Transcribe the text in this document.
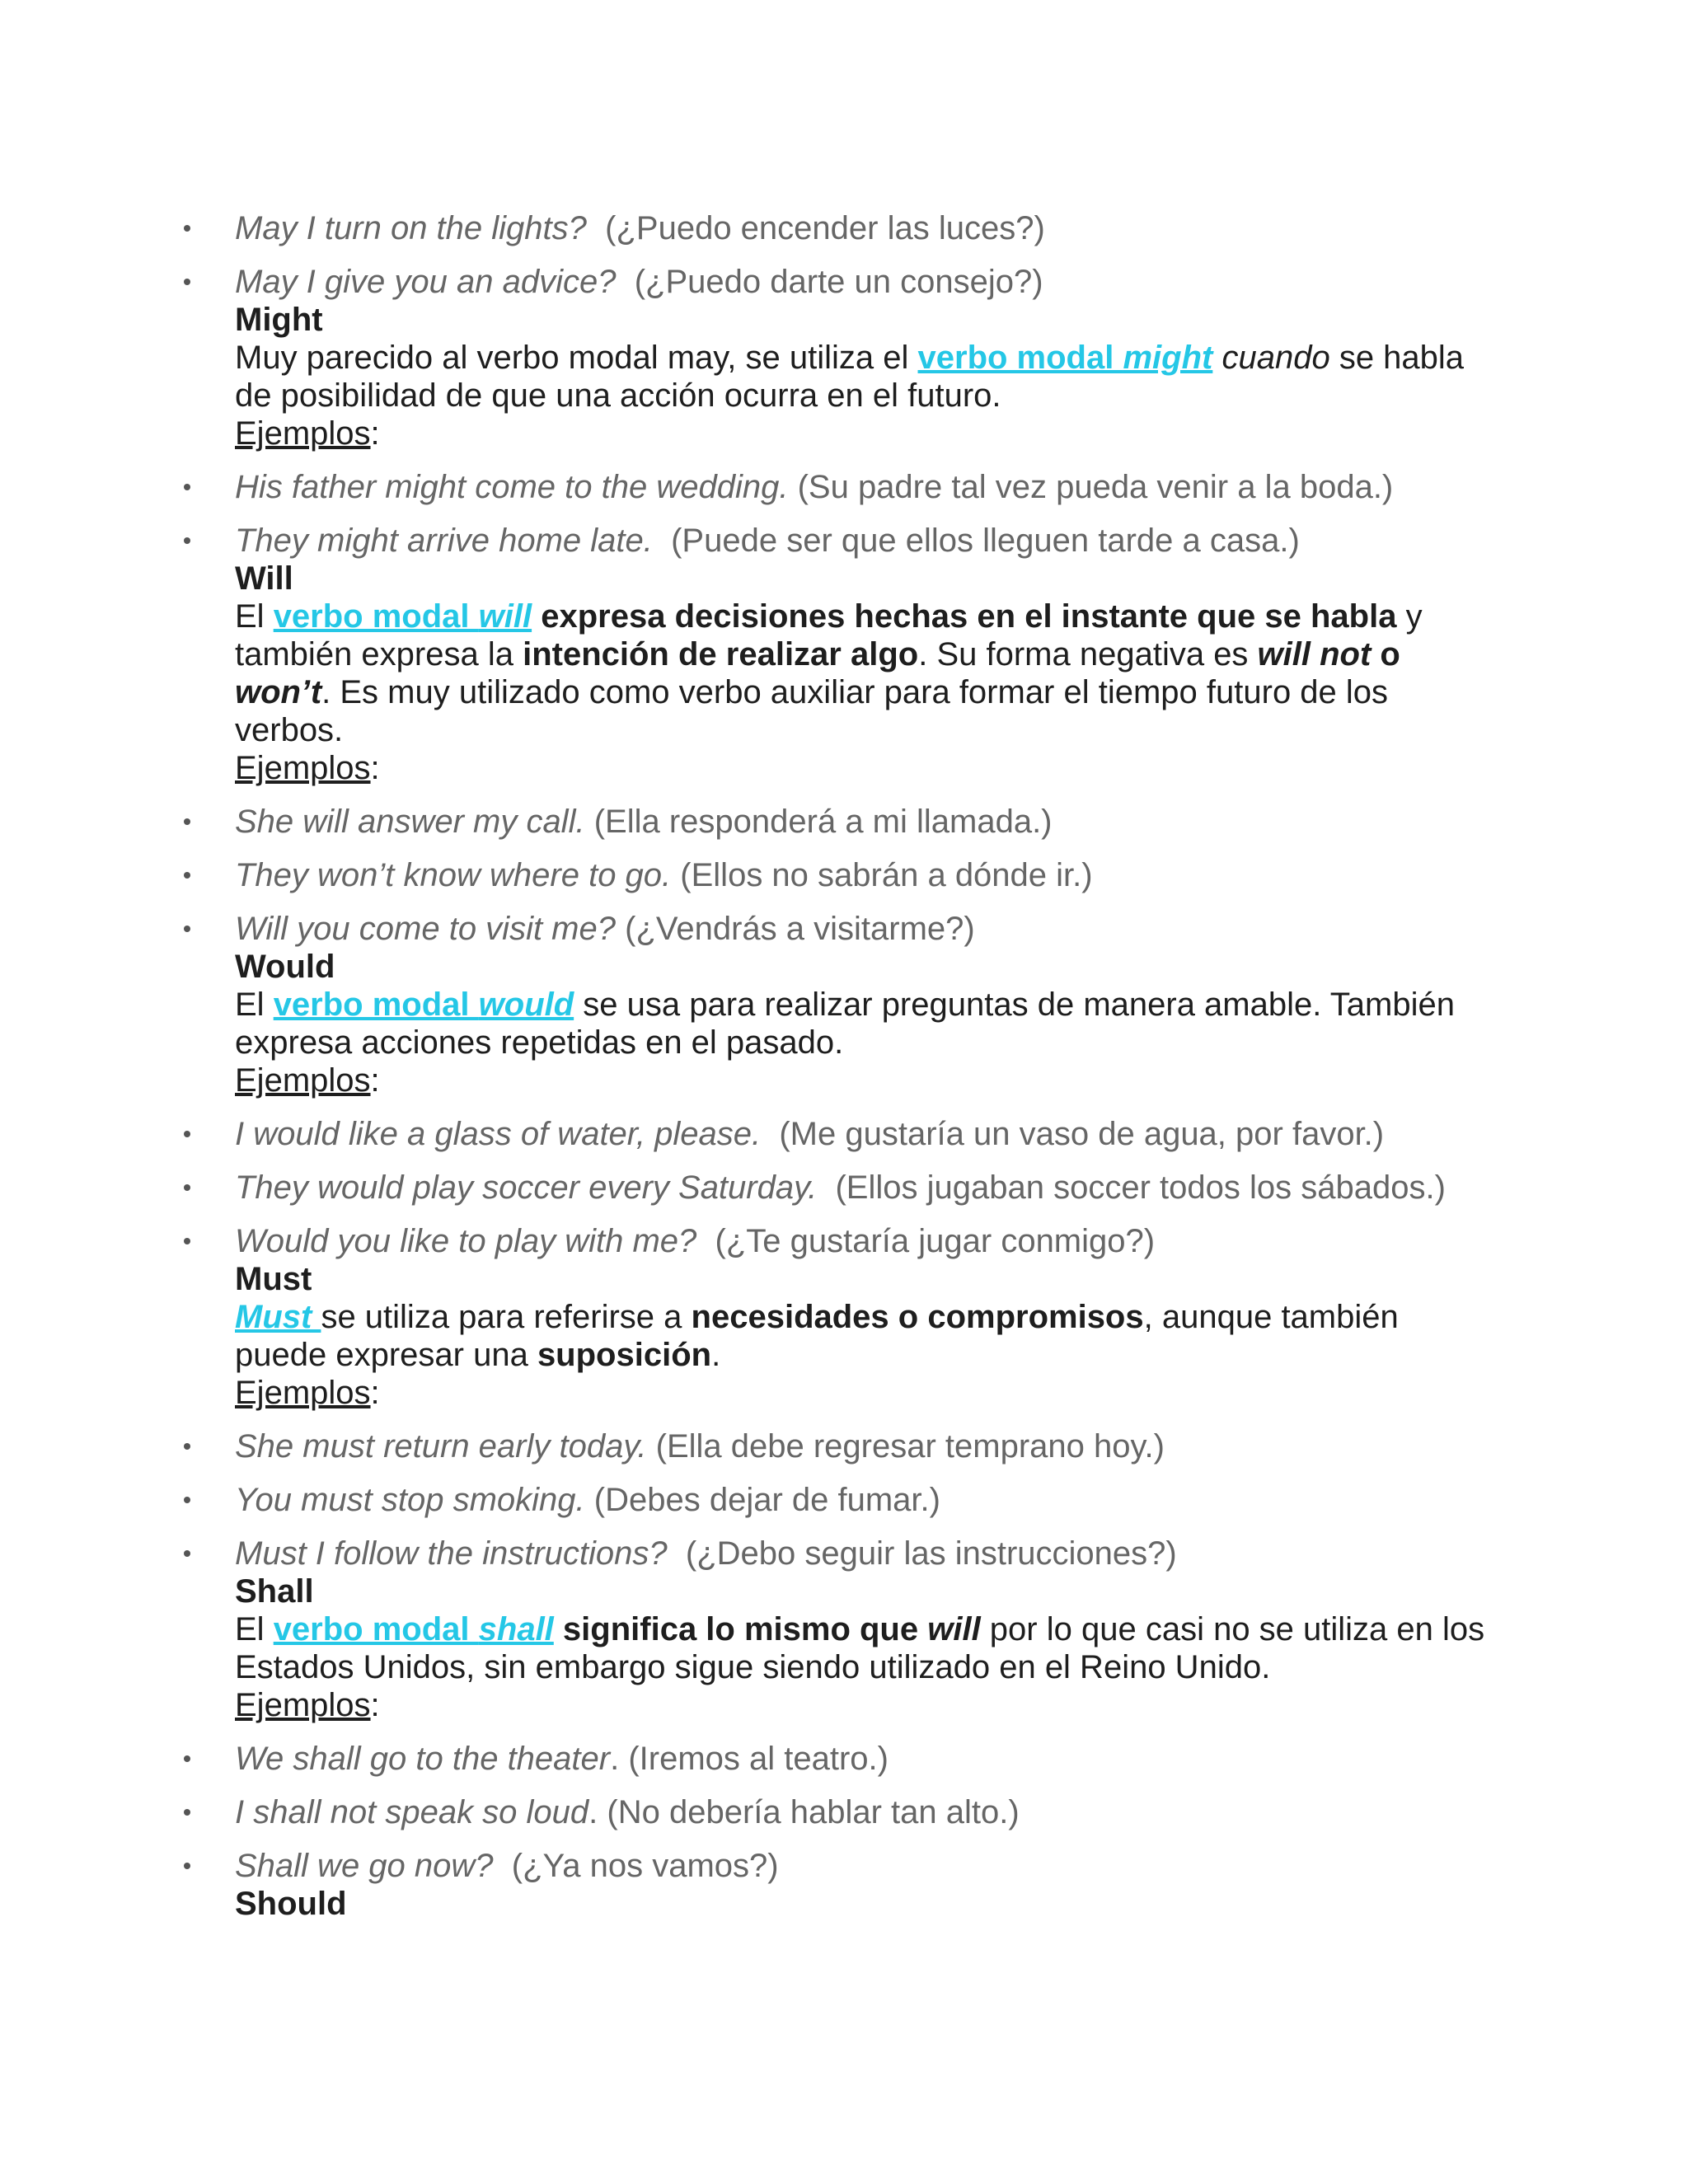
May I turn on the lights? (¿Puedo encender las luces?)
May I give you an advice? (¿Puedo darte un consejo?)

Might

Muy parecido al verbo modal may, se utiliza el verbo modal might cuando se habla de posibilidad de que una acción ocurra en el futuro.

Ejemplos:

His father might come to the wedding. (Su padre tal vez pueda venir a la boda.)
They might arrive home late. (Puede ser que ellos lleguen tarde a casa.)

Will

El verbo modal will expresa decisiones hechas en el instante que se habla y también expresa la intención de realizar algo. Su forma negativa es will not o won’t. Es muy utilizado como verbo auxiliar para formar el tiempo futuro de los verbos.

Ejemplos:

She will answer my call. (Ella responderá a mi llamada.)
They won’t know where to go. (Ellos no sabrán a dónde ir.)
Will you come to visit me? (¿Vendrás a visitarme?)

Would

El verbo modal would se usa para realizar preguntas de manera amable. También expresa acciones repetidas en el pasado.

Ejemplos:

I would like a glass of water, please. (Me gustaría un vaso de agua, por favor.)
They would play soccer every Saturday. (Ellos jugaban soccer todos los sábados.)
Would you like to play with me? (¿Te gustaría jugar conmigo?)

Must

Must se utiliza para referirse a necesidades o compromisos, aunque también puede expresar una suposición.

Ejemplos:

She must return early today. (Ella debe regresar temprano hoy.)
You must stop smoking. (Debes dejar de fumar.)
Must I follow the instructions? (¿Debo seguir las instrucciones?)

Shall

El verbo modal shall significa lo mismo que will por lo que casi no se utiliza en los Estados Unidos, sin embargo sigue siendo utilizado en el Reino Unido.

Ejemplos:

We shall go to the theater. (Iremos al teatro.)
I shall not speak so loud. (No debería hablar tan alto.)
Shall we go now? (¿Ya nos vamos?)

Should
